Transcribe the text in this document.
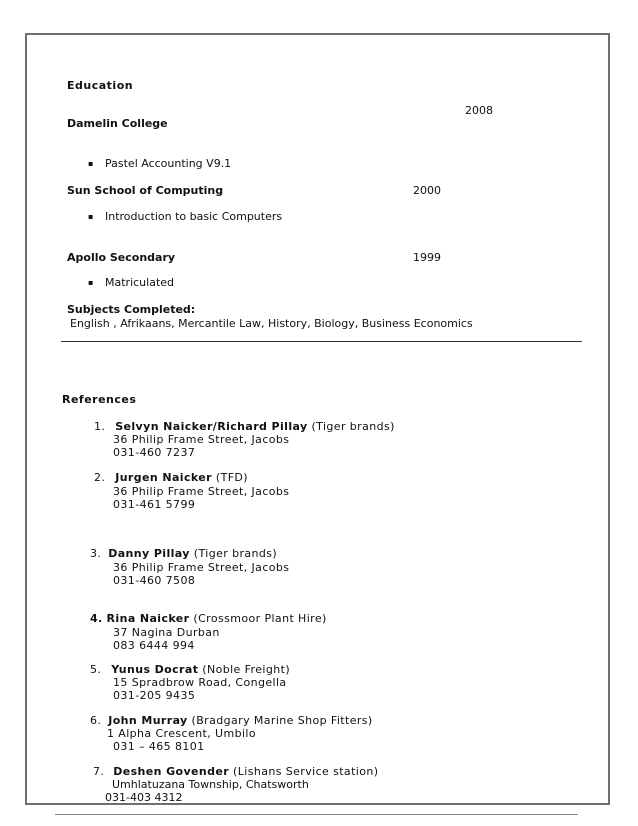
Education
2008
Damelin College
▪ Pastel Accounting V9.1
Sun School of Computing	2000
▪ Introduction to basic Computers
Apollo Secondary	1999
▪ Matriculated
Subjects Completed:
English , Afrikaans, Mercantile Law, History, Biology, Business Economics
References
1. Selvyn Naicker/Richard Pillay (Tiger brands)
36 Philip Frame Street, Jacobs
031-460 7237
2. Jurgen Naicker (TFD)
36 Philip Frame Street, Jacobs
031-461 5799
3. Danny Pillay (Tiger brands)
36 Philip Frame Street, Jacobs
031-460 7508
4. Rina Naicker (Crossmoor Plant Hire)
37 Nagina Durban
083 6444 994
5. Yunus Docrat (Noble Freight)
15 Spradbrow Road, Congella
031-205 9435
6. John Murray (Bradgary Marine Shop Fitters)
1 Alpha Crescent, Umbilo
031 – 465 8101
7. Deshen Govender (Lishans Service station)
Umhlatuzana Township, Chatsworth
031-403 4312
